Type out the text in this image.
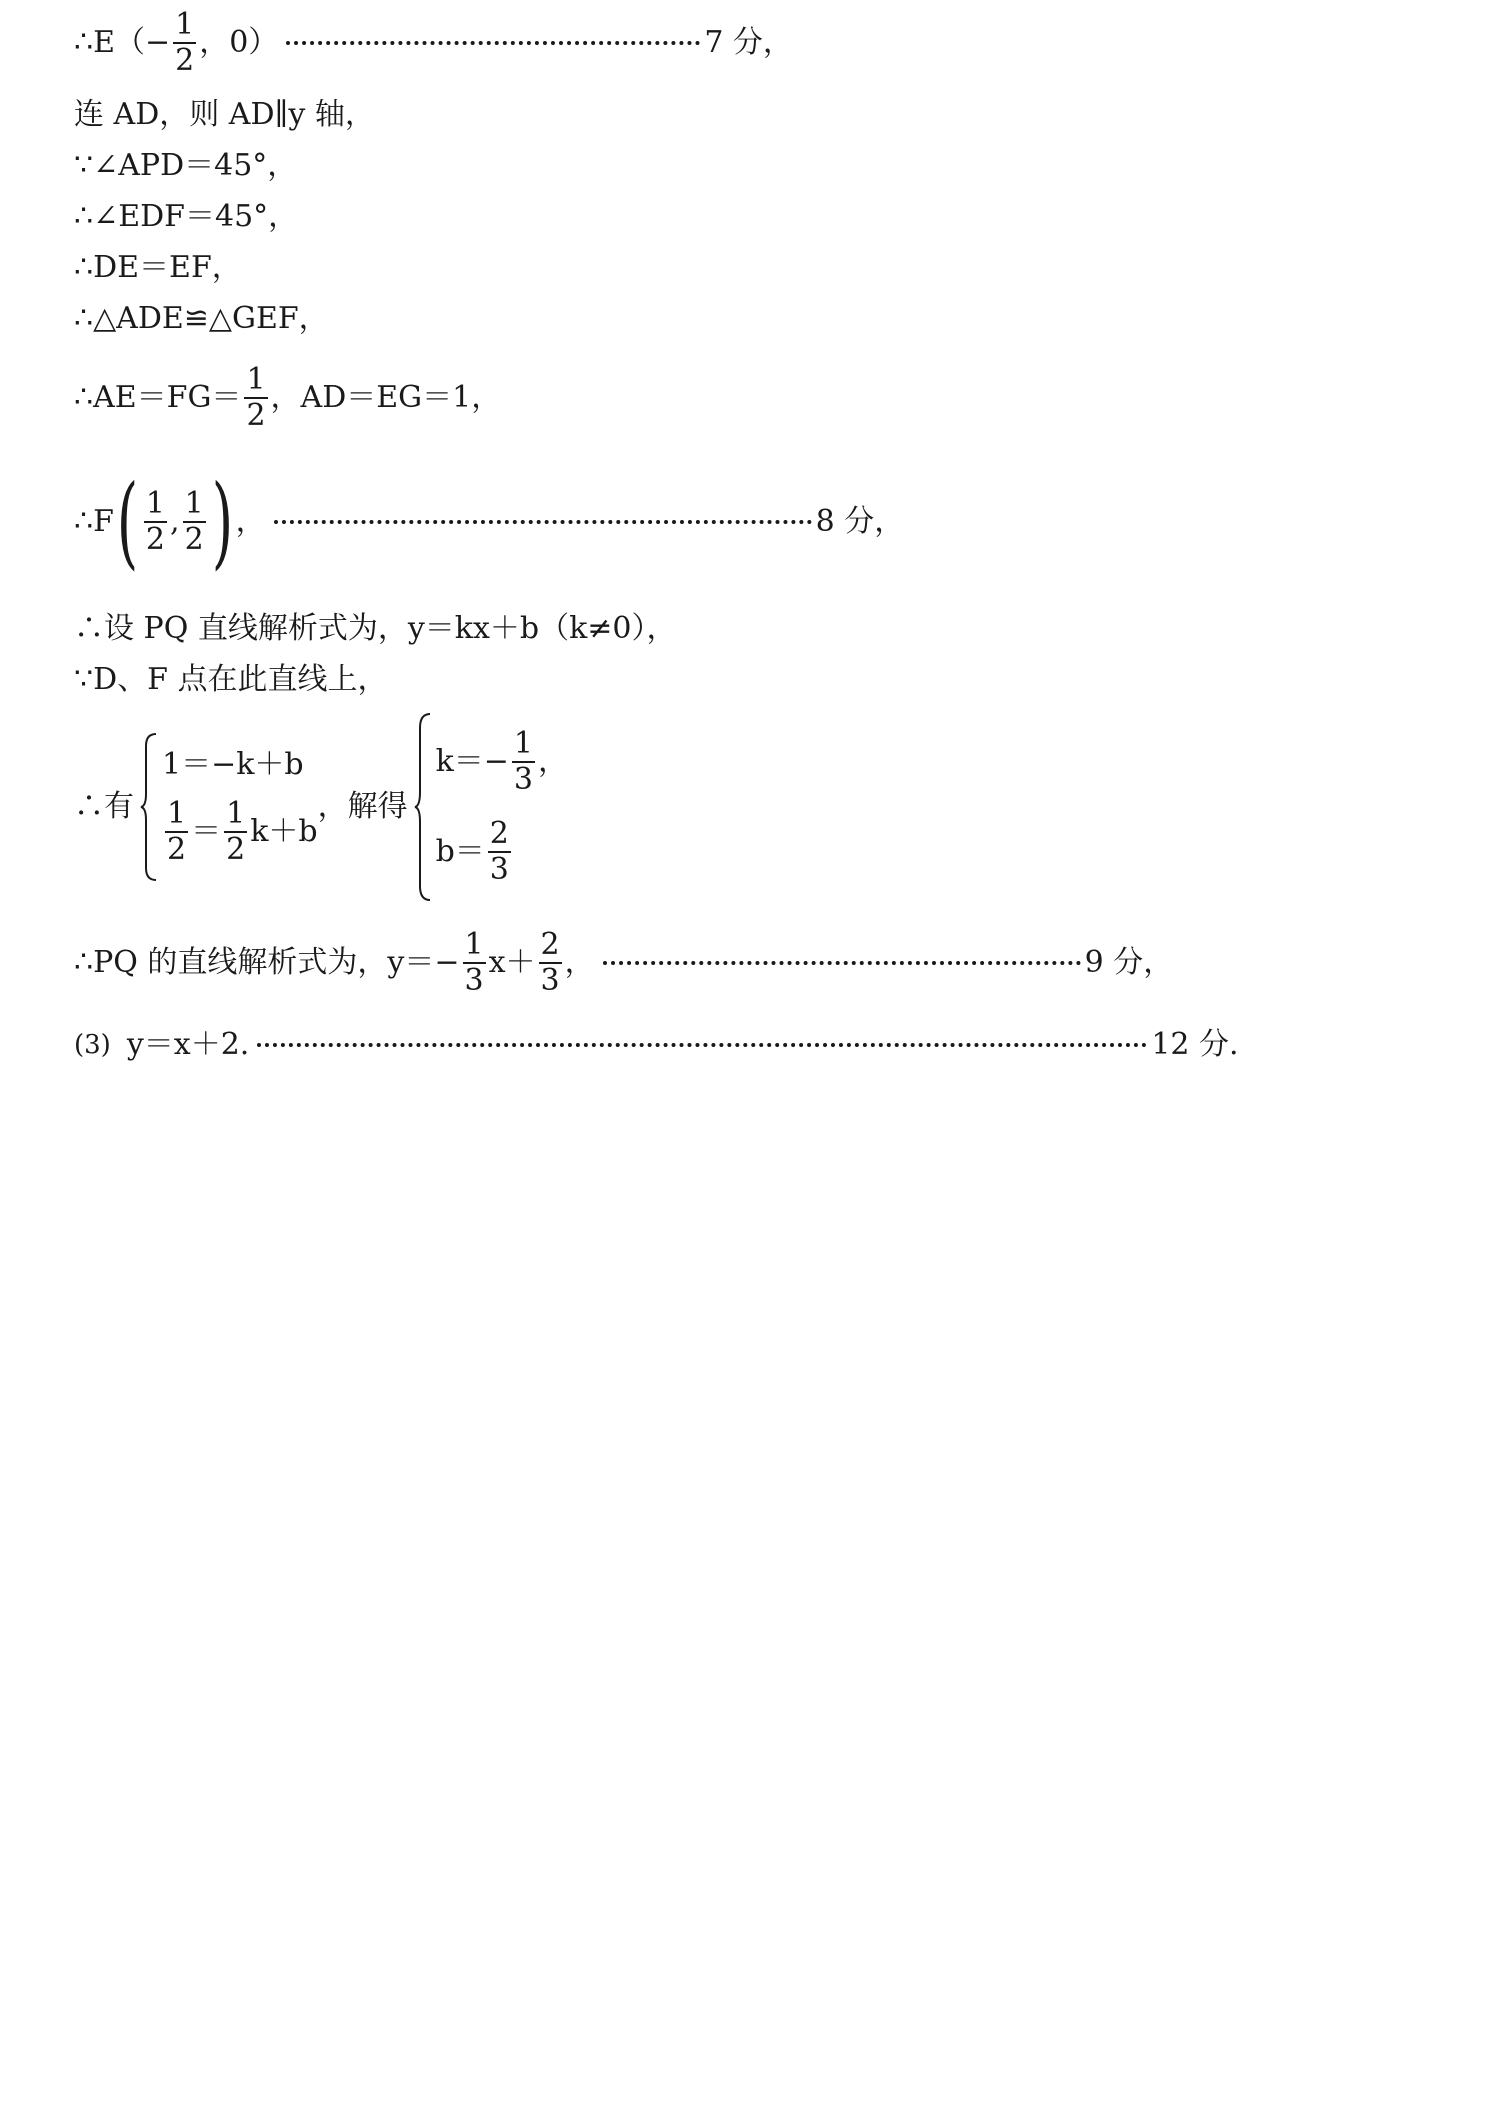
∴E（− $\frac{1}{2}$ ，0）	7 分，
连 AD，则 AD∥y 轴，
∵∠APD＝45°，
∴∠EDF＝45°，
∴DE＝EF，
∴△ADE≌△GEF，
∴AE＝FG＝ $\frac{1}{2}$ ，AD＝EG＝1，
∴F ( $\frac{1}{2}$ , $\frac{1}{2}$ ) ，	8 分，
∴设 PQ 直线解析式为，y＝kx＋b（k≠0），
∵D、F 点在此直线上，
∴有
1＝−k＋b
$\frac{1}{2} = \frac{1}{2} k+b$
，解得
$k=- \frac{1}{3}$ ，
$b= \frac{2}{3}$
∴PQ 的直线解析式为，$y=- \frac{1}{3} x+ \frac{2}{3}$ ，	9 分，
(3) y＝x＋2.	12 分.
